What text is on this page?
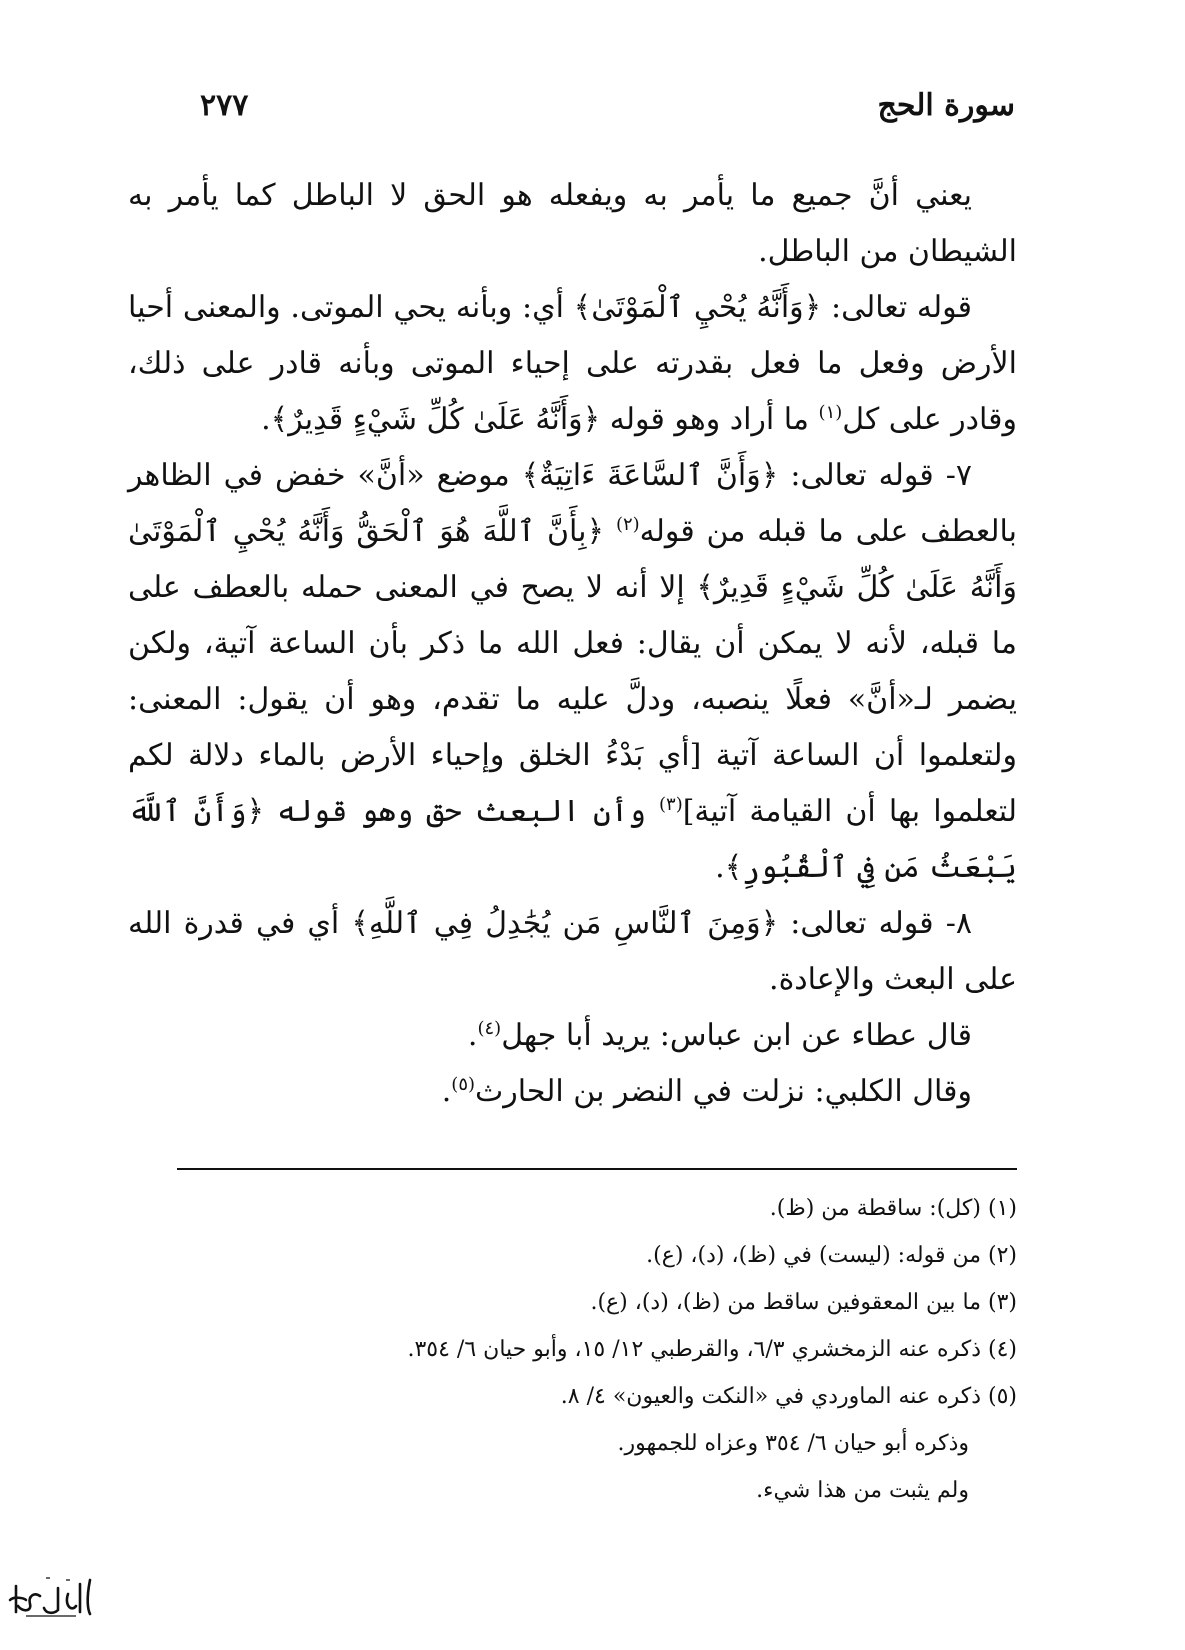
سورة الحج
٢٧٧

يعني أنَّ جميع ما يأمر به ويفعله هو الحق لا الباطل كما يأمر به الشيطان من الباطل.

قوله تعالى: ﴿وَأَنَّهُ يُحْيِ ٱلْمَوْتَىٰ﴾ أي: وبأنه يحي الموتى. والمعنى أحيا الأرض وفعل ما فعل بقدرته على إحياء الموتى وبأنه قادر على ذلك، وقادر على كل$^{(١)}$ ما أراد وهو قوله ﴿وَأَنَّهُ عَلَىٰ كُلِّ شَيْءٍ قَدِيرٌ﴾.

٧- قوله تعالى: ﴿وَأَنَّ ٱلسَّاعَةَ ءَاتِيَةٌ﴾ موضع «أنَّ» خفض في الظاهر بالعطف على ما قبله من قوله$^{(٢)}$ ﴿بِأَنَّ ٱللَّهَ هُوَ ٱلْحَقُّ وَأَنَّهُ يُحْيِ ٱلْمَوْتَىٰ وَأَنَّهُ عَلَىٰ كُلِّ شَيْءٍ قَدِيرٌ﴾ إلا أنه لا يصح في المعنى حمله بالعطف على ما قبله، لأنه لا يمكن أن يقال: فعل الله ما ذكر بأن الساعة آتية، ولكن يضمر لـ«أنَّ» فعلًا ينصبه، ودلَّ عليه ما تقدم، وهو أن يقول: المعنى: ولتعلموا أن الساعة آتية [أي بَدْءُ الخلق وإحياء الأرض بالماء دلالة لكم لتعلموا بها أن القيامة آتية]$^{(٣)}$ وأن البعث حق وهو قوله ﴿وَأَنَّ ٱللَّهَ يَبْعَثُ مَن فِي ٱلْقُبُورِ﴾.

٨- قوله تعالى: ﴿وَمِنَ ٱلنَّاسِ مَن يُجَٰدِلُ فِي ٱللَّهِ﴾ أي في قدرة الله على البعث والإعادة.

قال عطاء عن ابن عباس: يريد أبا جهل$^{(٤)}$.

وقال الكلبي: نزلت في النضر بن الحارث$^{(٥)}$.

(١) (كل): ساقطة من (ظ).

(٢) من قوله: (ليست) في (ظ)، (د)، (ع).

(٣) ما بين المعقوفين ساقط من (ظ)، (د)، (ع).

(٤) ذكره عنه الزمخشري ٦/٣، والقرطبي ١٢/ ١٥، وأبو حيان ٦/ ٣٥٤.

(٥) ذكره عنه الماوردي في «النكت والعيون» ٤/ ٨.

وذكره أبو حيان ٦/ ٣٥٤ وعزاه للجمهور.

ولم يثبت من هذا شيء.
